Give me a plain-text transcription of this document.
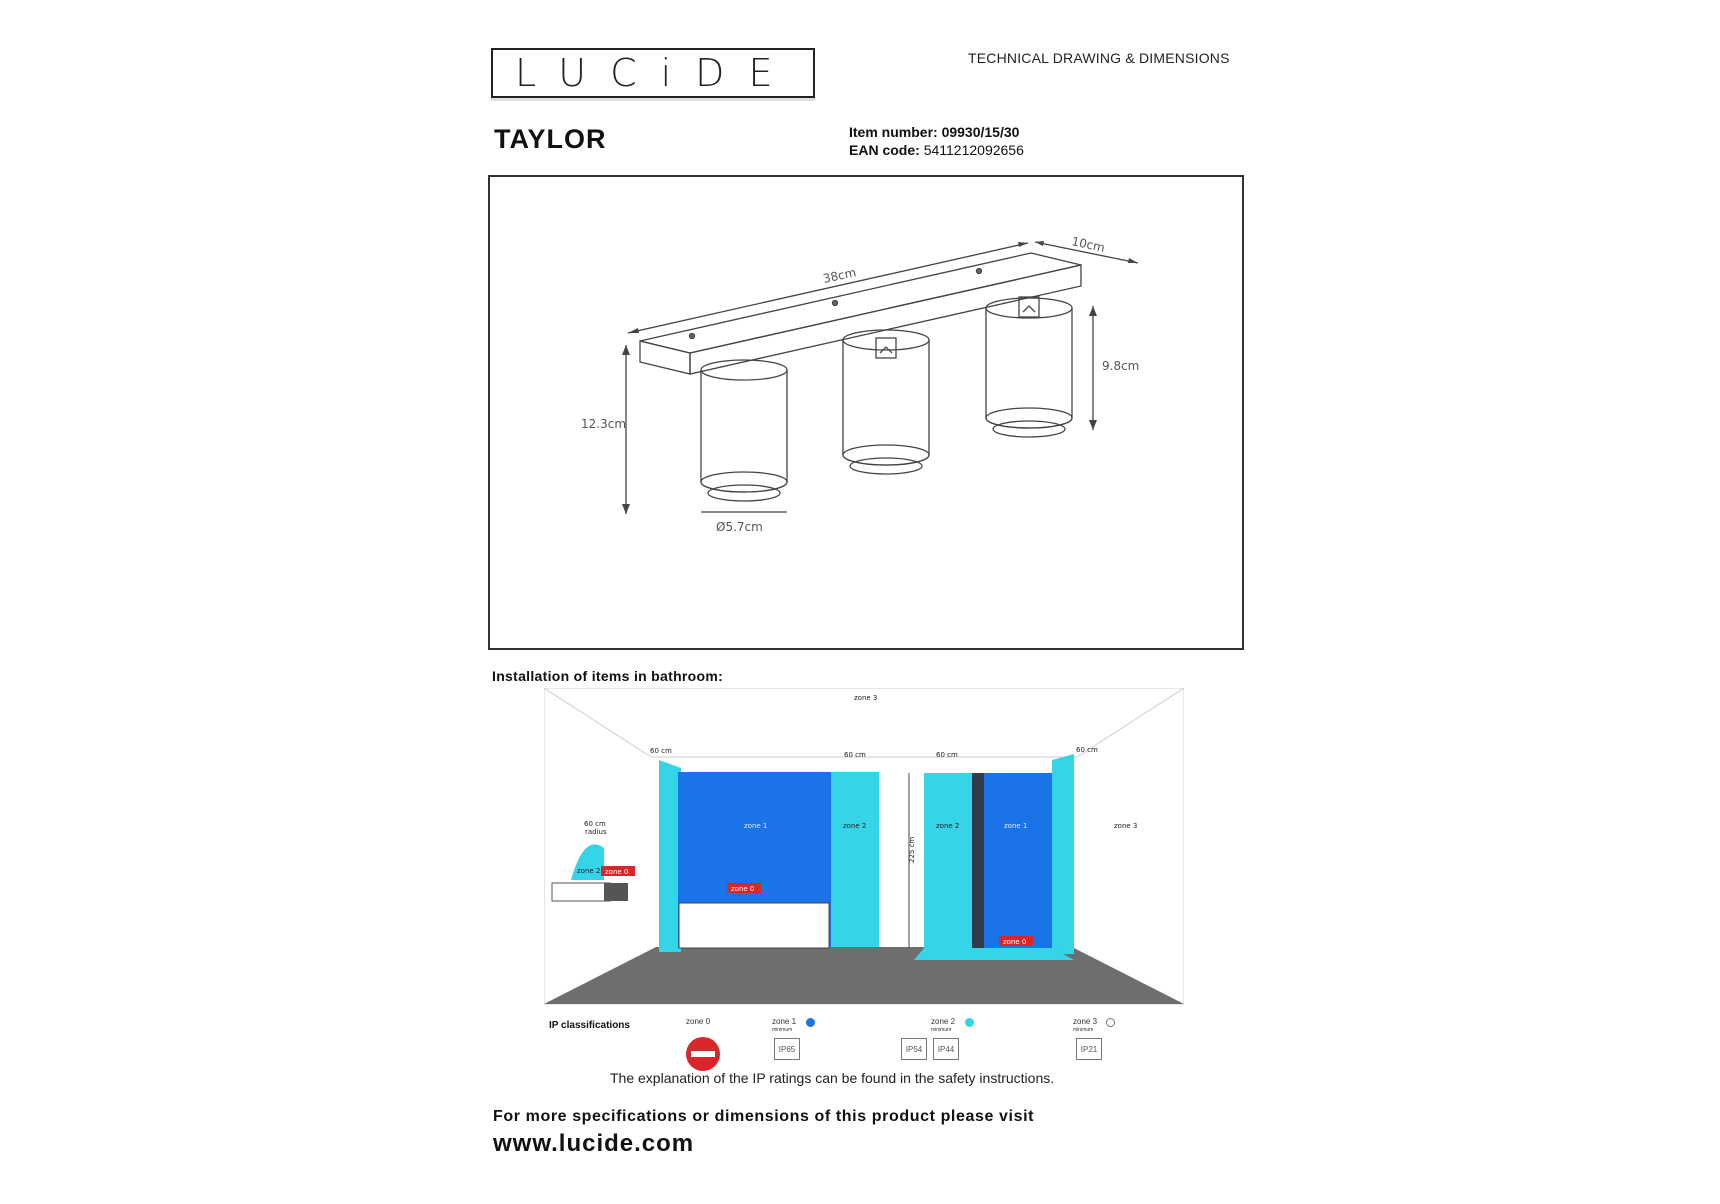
LUCiDE	TECHNICAL DRAWING & DIMENSIONS
TAYLOR	Item number: 09930/15/30
EAN code: 5411212092656
38cm
10cm
12.3cm
9.8cm
Ø5.7cm
Installation of items in bathroom:
zone 3
60 cm	60 cm	60 cm
60 cm
60 cm
radius
225 cm
zone 1	zone 2	zone 2	zone 1	zone 3
zone 2 zone 0
zone 0
zone 0
IP classifications	zone 0	zone 1
minimum
IP65
zone 2
minimum
IP54	IP44
zone 3
minimum
IP21
The explanation of the IP ratings can be found in the safety instructions.
For more specifications or dimensions of this product please visit
www.lucide.com
